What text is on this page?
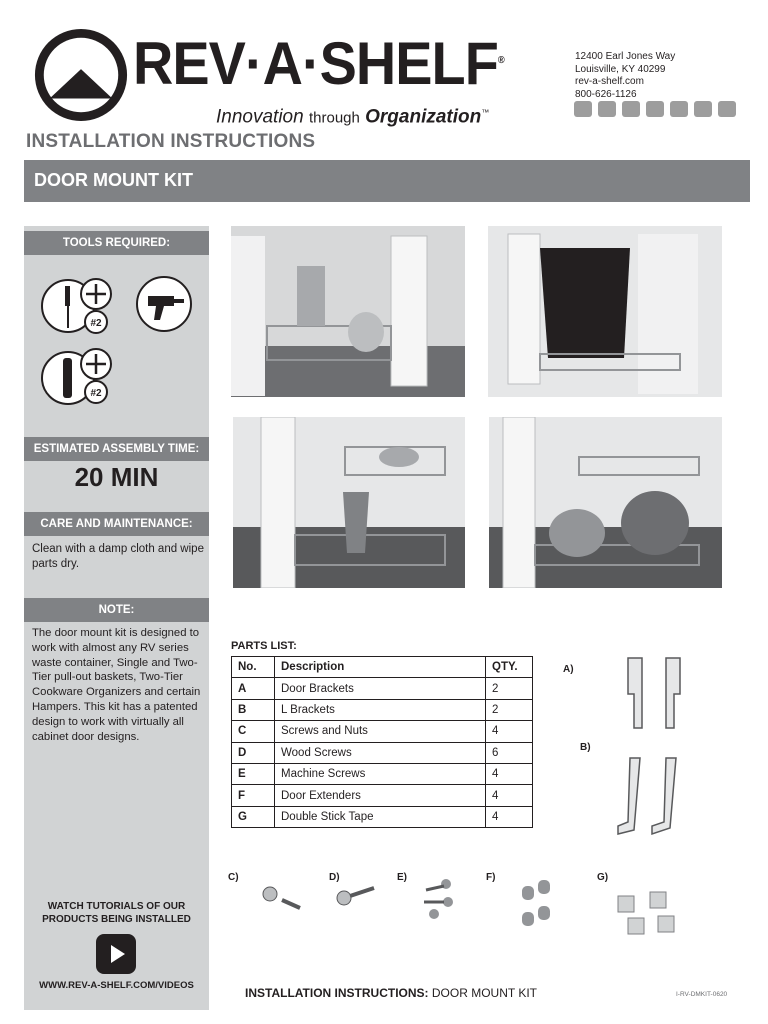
REV·A·SHELF®
Innovation through Organization™
12400 Earl Jones Way
Louisville, KY 40299
rev-a-shelf.com
800-626-1126
INSTALLATION INSTRUCTIONS
DOOR MOUNT KIT
TOOLS REQUIRED:
#2
#2
ESTIMATED ASSEMBLY TIME:
20 MIN
CARE AND MAINTENANCE:
Clean with a damp cloth and wipe parts dry.
NOTE:
The door mount kit is designed to work with almost any RV series waste container, Single and Two-Tier pull-out baskets, Two-Tier Cookware Organizers and certain Hampers. This kit has a patented design to work with virtually all cabinet door designs.
WATCH TUTORIALS OF OUR
PRODUCTS BEING INSTALLED
WWW.REV-A-SHELF.COM/VIDEOS
PARTS LIST:
No.	Description	QTY.
A	Door Brackets	2
B	L Brackets	2
C	Screws and Nuts	4
D	Wood Screws	6
E	Machine Screws	4
F	Door Extenders	4
G	Double Stick Tape	4
A)
B)
C)	D)	E)	F)	G)
INSTALLATION INSTRUCTIONS: DOOR MOUNT KIT	I-RV-DMKIT-0620
